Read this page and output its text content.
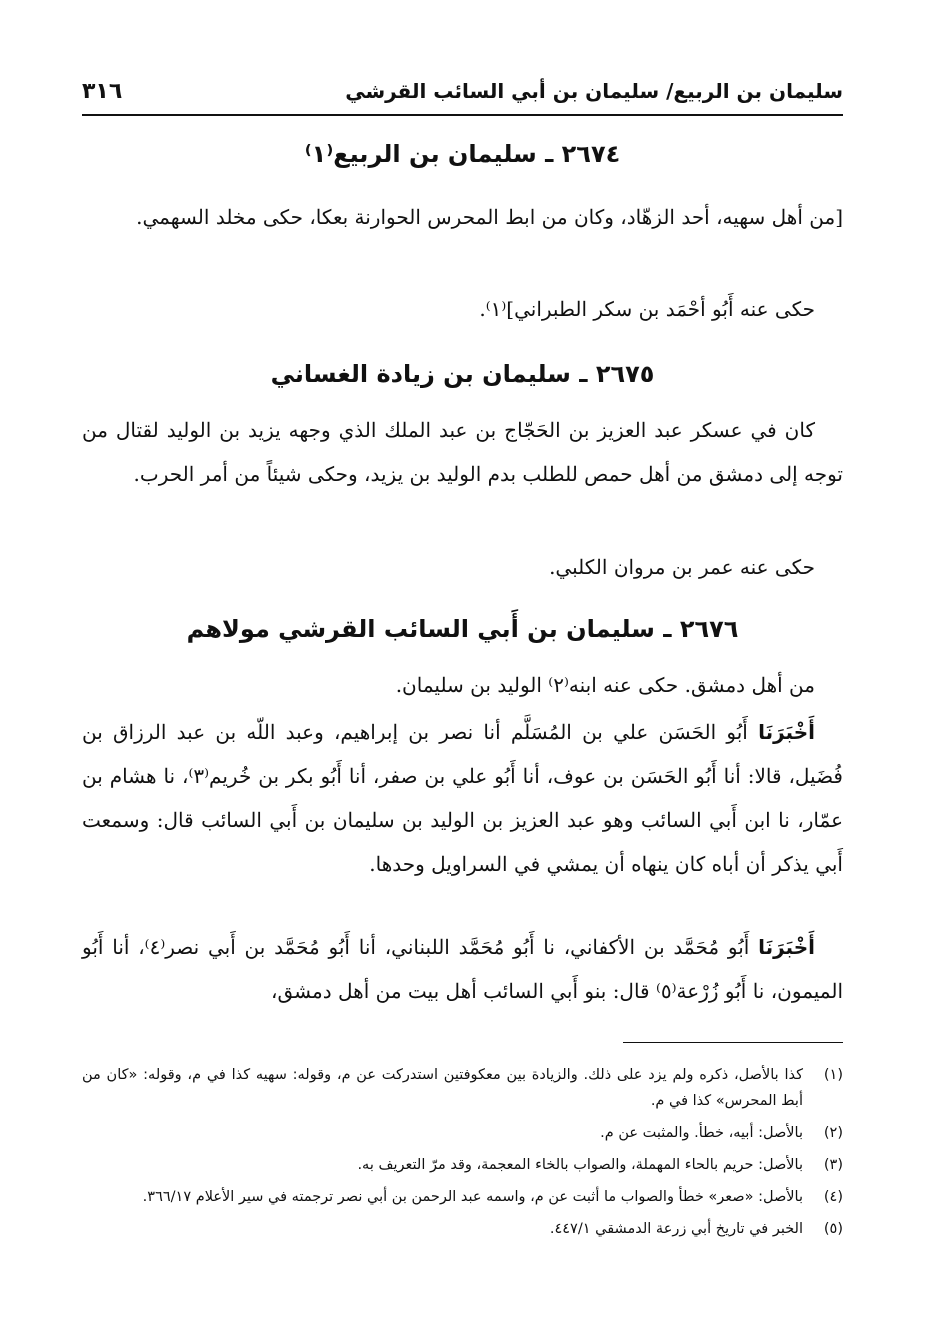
سليمان بن الربيع/ سليمان بن أبي السائب القرشي
٣١٦
٢٦٧٤ ـ سليمان بن الربيع⁽١⁾
[من أهل سهيه، أحد الزهّاد، وكان من ابط المحرس الحوارنة بعكا، حكى مخلد السهمي.
حكى عنه أَبُو أحْمَد بن سكر الطبراني]⁽١⁾.
٢٦٧٥ ـ سليمان بن زيادة الغساني
كان في عسكر عبد العزيز بن الحَجّاج بن عبد الملك الذي وجهه يزيد بن الوليد لقتال من توجه إلى دمشق من أهل حمص للطلب بدم الوليد بن يزيد، وحكى شيئاً من أمر الحرب.
حكى عنه عمر بن مروان الكلبي.
٢٦٧٦ ـ سليمان بن أَبي السائب القرشي مولاهم
من أهل دمشق. حكى عنه ابنه⁽٢⁾ الوليد بن سليمان.
أَخْبَرَنَا أَبُو الحَسَن علي بن المُسَلَّم أنا نصر بن إبراهيم، وعبد اللّه بن عبد الرزاق بن فُضَيل، قالا: أنا أَبُو الحَسَن بن عوف، أنا أَبُو علي بن صفر، أنا أَبُو بكر بن خُريم⁽٣⁾، نا هشام بن عمّار، نا ابن أَبي السائب وهو عبد العزيز بن الوليد بن سليمان بن أَبي السائب قال: وسمعت أَبي يذكر أن أباه كان ينهاه أن يمشي في السراويل وحدها.
أَخْبَرَنَا أَبُو مُحَمَّد بن الأكفاني، نا أَبُو مُحَمَّد اللبناني، أنا أَبُو مُحَمَّد بن أَبي نصر⁽٤⁾، أنا أَبُو الميمون، نا أَبُو زُرْعة⁽٥⁾ قال: بنو أَبي السائب أهل بيت من أهل دمشق،
(١)
كذا بالأصل، ذكره ولم يزد على ذلك. والزيادة بين معكوفتين استدركت عن م، وقوله: سهيه كذا في م، وقوله: «كان من أبط المحرس» كذا في م.
(٢)
بالأصل: أبيه، خطأ. والمثبت عن م.
(٣)
بالأصل: حريم بالحاء المهملة، والصواب بالخاء المعجمة، وقد مرّ التعريف به.
(٤)
بالأصل: «صعر» خطأ والصواب ما أثبت عن م، واسمه عبد الرحمن بن أبي نصر ترجمته في سير الأعلام ٣٦٦/١٧.
(٥)
الخبر في تاريخ أبي زرعة الدمشقي ٤٤٧/١.
